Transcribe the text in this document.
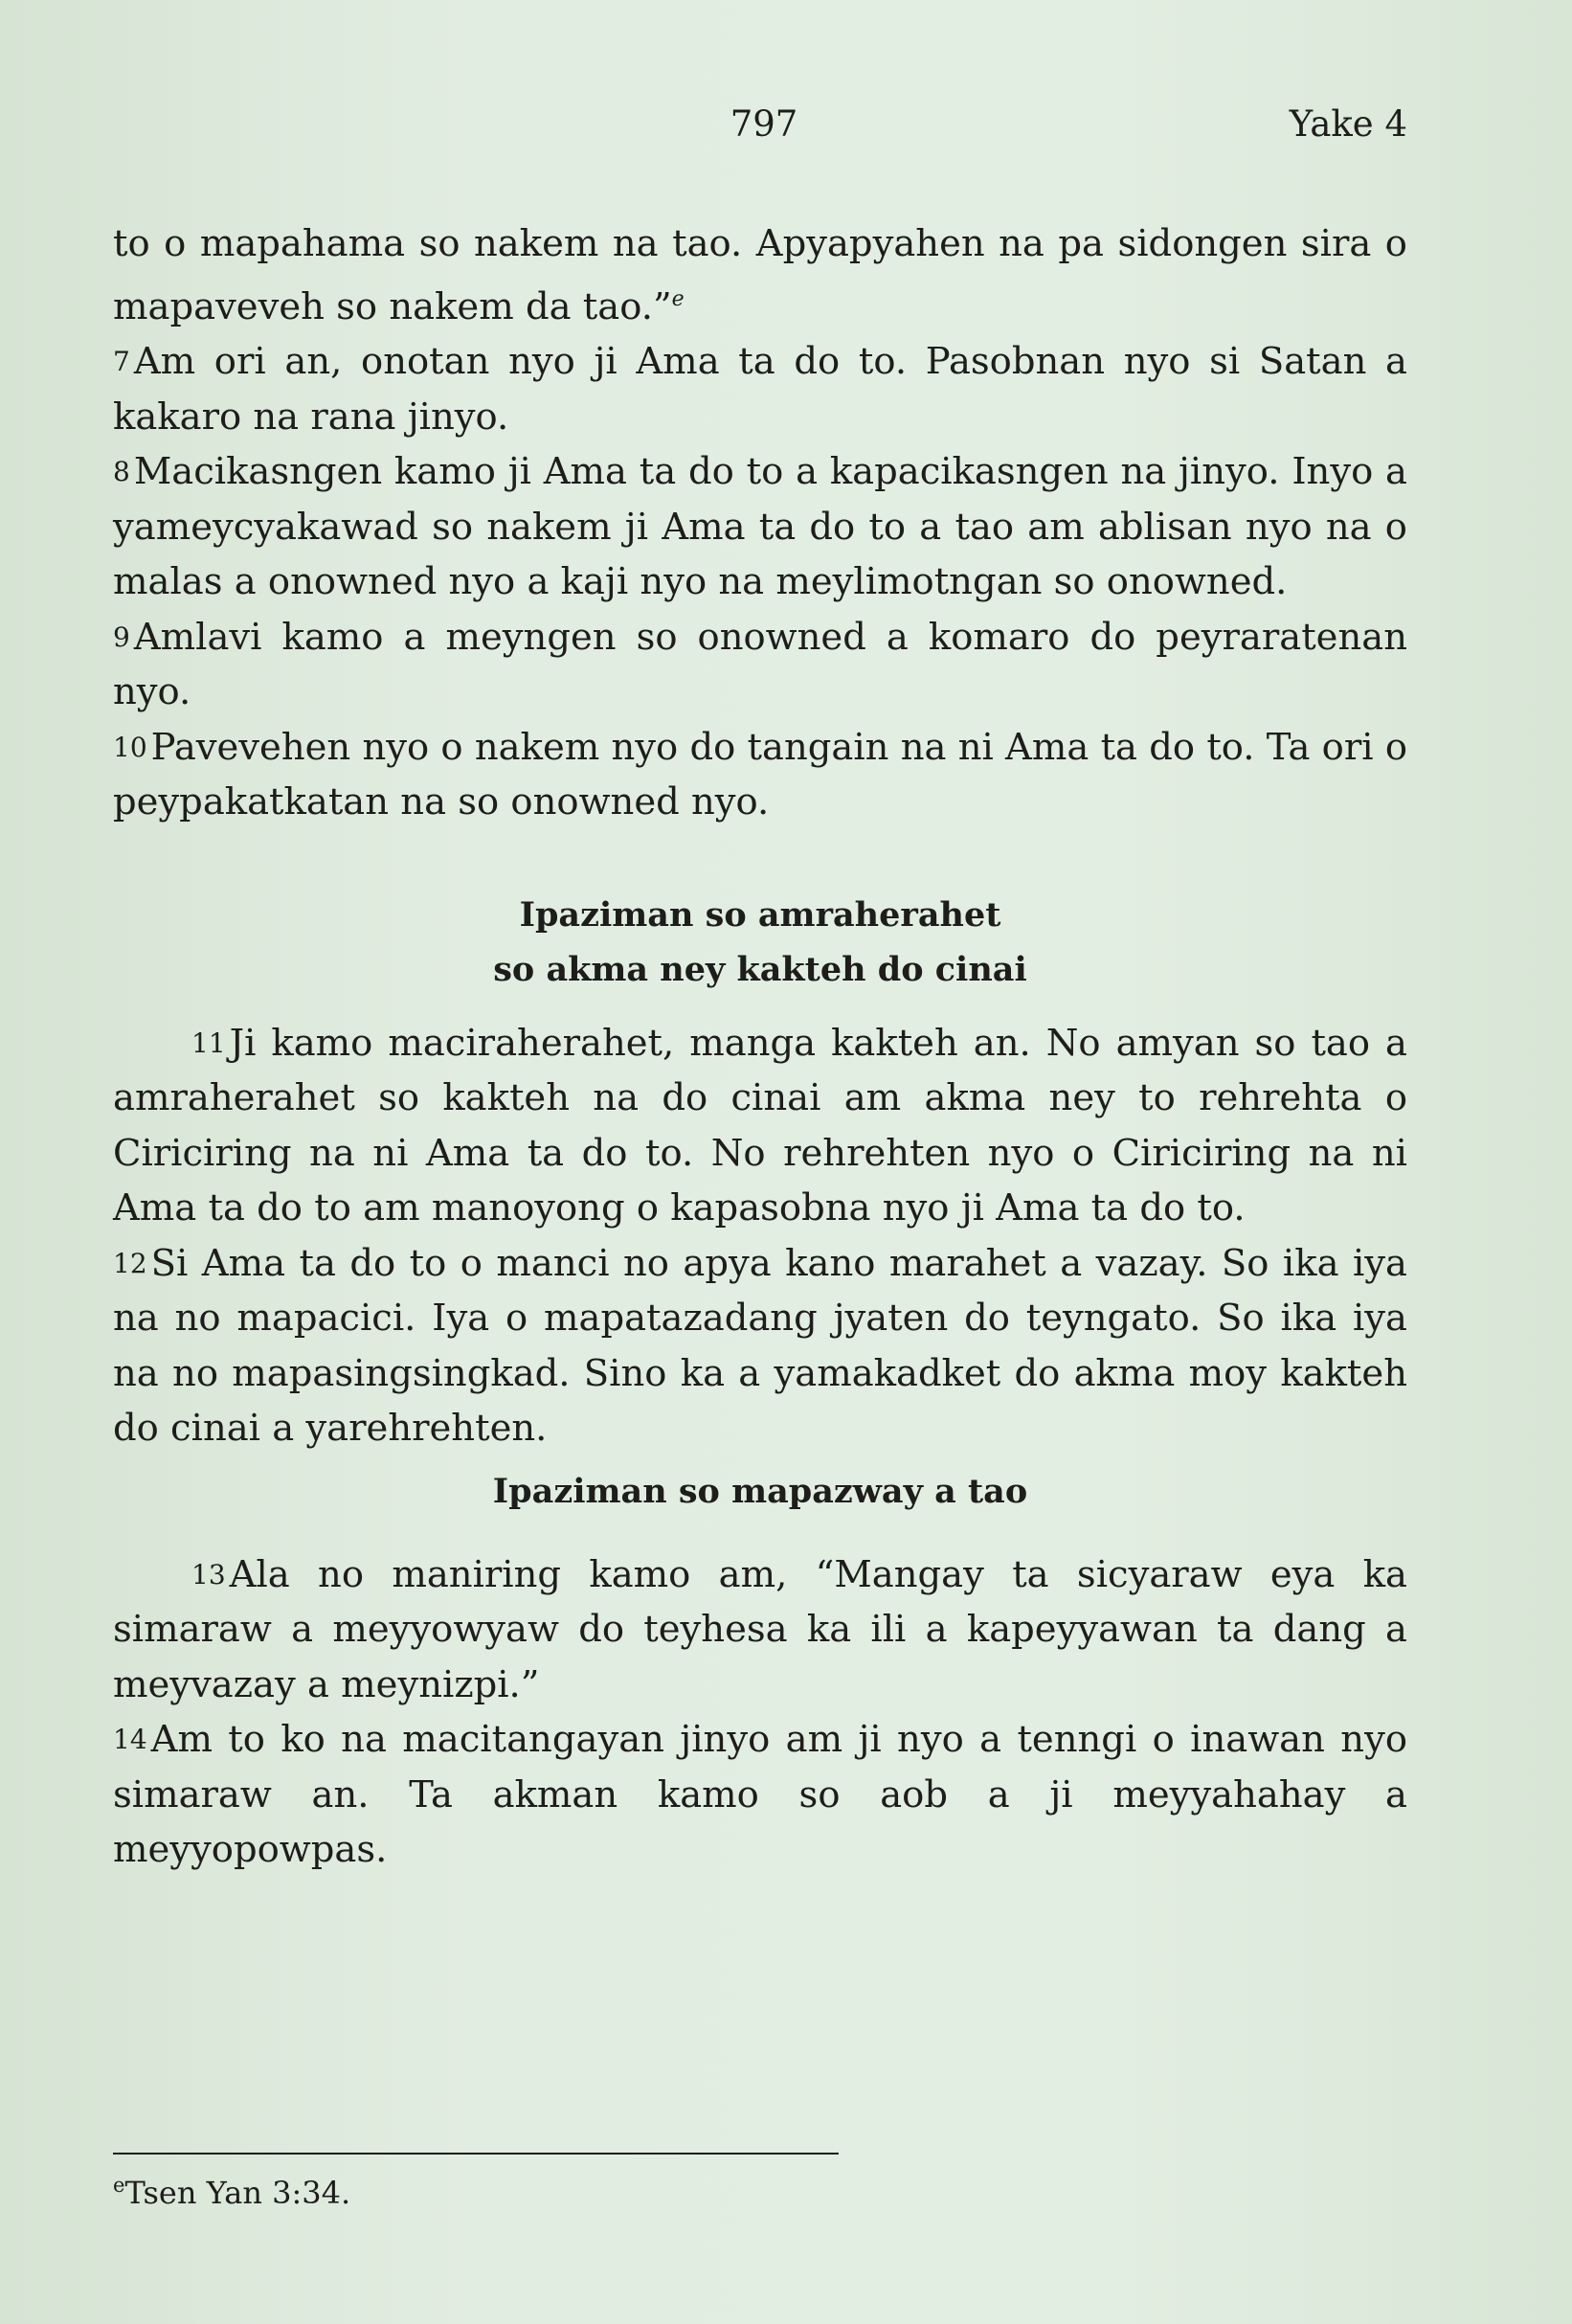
797	Yake 4

to o mapahama so nakem na tao. Apyapyahen na pa sidongen sira o mapaveveh so nakem da tao.”$^e$

7 Am ori an, onotan nyo ji Ama ta do to. Pasobnan nyo si Satan a kakaro na rana jinyo.

8 Macikasngen kamo ji Ama ta do to a kapacikasngen na jinyo. Inyo a yameycyakawad so nakem ji Ama ta do to a tao am ablisan nyo na o malas a onowned nyo a kaji nyo na meylimotngan so onowned.

9 Amlavi kamo a meyngen so onowned a komaro do peyraratenan nyo.

10 Pavevehen nyo o nakem nyo do tangain na ni Ama ta do to. Ta ori o peypakatkatan na so onowned nyo.

Ipaziman so amraherahet
so akma ney kakteh do cinai

11 Ji kamo maciraherahet, manga kakteh an. No amyan so tao a amraherahet so kakteh na do cinai am akma ney to rehrehta o Ciriciring na ni Ama ta do to. No rehrehten nyo o Ciriciring na ni Ama ta do to am manoyong o kapasobna nyo ji Ama ta do to.

12 Si Ama ta do to o manci no apya kano marahet a vazay. So ika iya na no mapacici. Iya o mapatazadang jyaten do teyngato. So ika iya na no mapasingsingkad. Sino ka a yamakadket do akma moy kakteh do cinai a yarehrehten.

Ipaziman so mapazway a tao

13 Ala no maniring kamo am, “Mangay ta sicyaraw eya ka simaraw a meyyowyaw do teyhesa ka ili a kapeyyawan ta dang a meyvazay a meynizpi.”

14 Am to ko na macitangayan jinyo am ji nyo a tenngi o inawan nyo simaraw an. Ta akman kamo so aob a ji meyyahahay a meyyopowpas.

$^e$Tsen Yan 3:34.
